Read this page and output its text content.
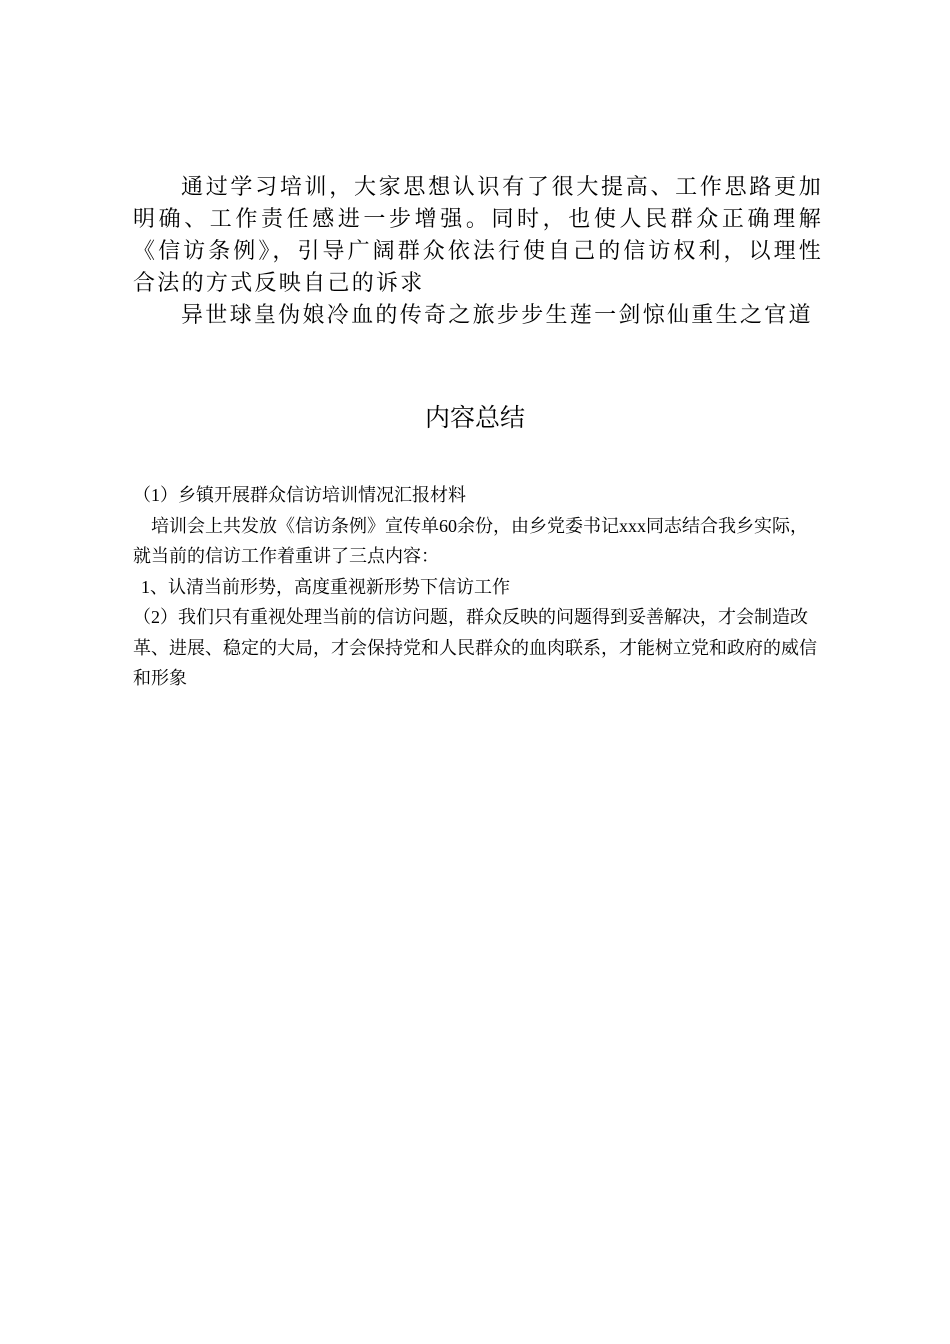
通过学习培训，大家思想认识有了很大提高、工作思路更加明确、工作责任感进一步增强。同时，也使人民群众正确理解《信访条例》，引导广阔群众依法行使自己的信访权利，以理性合法的方式反映自己的诉求

异世球皇伪娘冷血的传奇之旅步步生莲一剑惊仙重生之官道

内容总结

（1）乡镇开展群众信访培训情况汇报材料

培训会上共发放《信访条例》宣传单60余份，由乡党委书记xxx同志结合我乡实际，就当前的信访工作着重讲了三点内容：

1、认清当前形势，高度重视新形势下信访工作

（2）我们只有重视处理当前的信访问题，群众反映的问题得到妥善解决，才会制造改革、进展、稳定的大局，才会保持党和人民群众的血肉联系，才能树立党和政府的威信和形象
